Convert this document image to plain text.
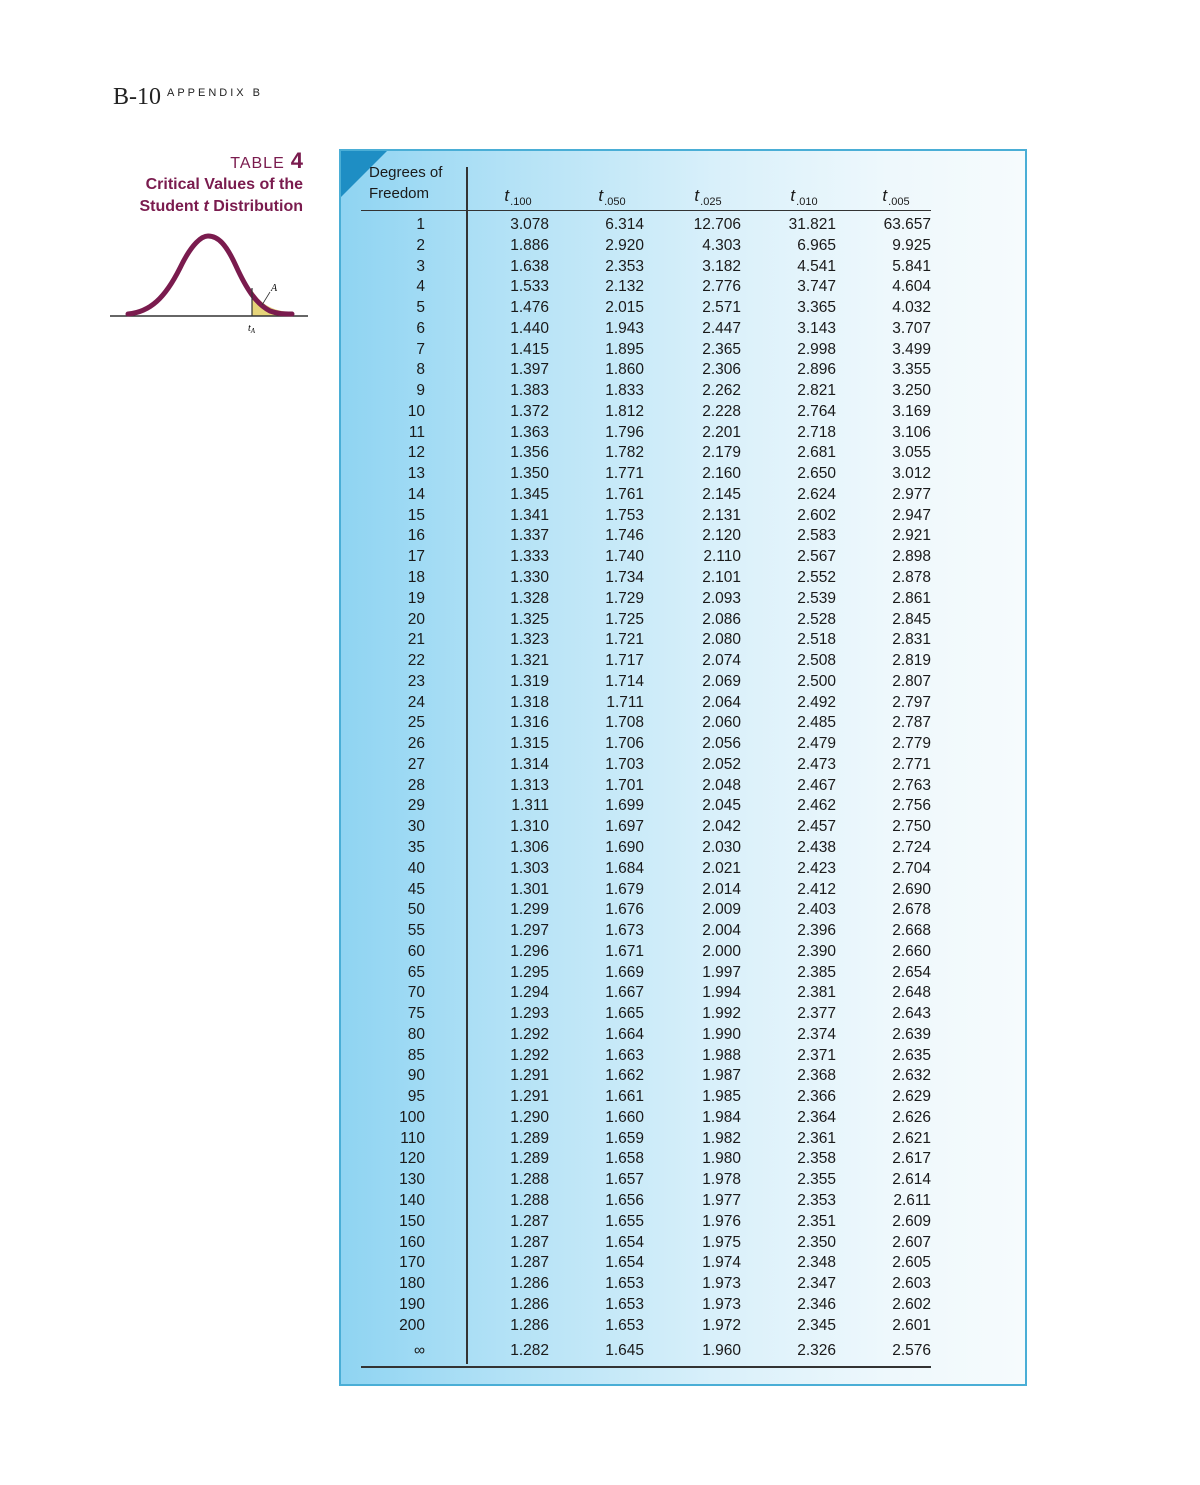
B-10 $^{APPENDIX B}$
TABLE 4
Critical Values of the
Student t Distribution
A
$t_A$
Degrees of
Freedom	$t_{.100}$	$t_{.050}$	$t_{.025}$	$t_{.010}$	$t_{.005}$
1	3.078	6.314	12.706	31.821	63.657
2	1.886	2.920	4.303	6.965	9.925
3	1.638	2.353	3.182	4.541	5.841
4	1.533	2.132	2.776	3.747	4.604
5	1.476	2.015	2.571	3.365	4.032
6	1.440	1.943	2.447	3.143	3.707
7	1.415	1.895	2.365	2.998	3.499
8	1.397	1.860	2.306	2.896	3.355
9	1.383	1.833	2.262	2.821	3.250
10	1.372	1.812	2.228	2.764	3.169
11	1.363	1.796	2.201	2.718	3.106
12	1.356	1.782	2.179	2.681	3.055
13	1.350	1.771	2.160	2.650	3.012
14	1.345	1.761	2.145	2.624	2.977
15	1.341	1.753	2.131	2.602	2.947
16	1.337	1.746	2.120	2.583	2.921
17	1.333	1.740	2.110	2.567	2.898
18	1.330	1.734	2.101	2.552	2.878
19	1.328	1.729	2.093	2.539	2.861
20	1.325	1.725	2.086	2.528	2.845
21	1.323	1.721	2.080	2.518	2.831
22	1.321	1.717	2.074	2.508	2.819
23	1.319	1.714	2.069	2.500	2.807
24	1.318	1.711	2.064	2.492	2.797
25	1.316	1.708	2.060	2.485	2.787
26	1.315	1.706	2.056	2.479	2.779
27	1.314	1.703	2.052	2.473	2.771
28	1.313	1.701	2.048	2.467	2.763
29	1.311	1.699	2.045	2.462	2.756
30	1.310	1.697	2.042	2.457	2.750
35	1.306	1.690	2.030	2.438	2.724
40	1.303	1.684	2.021	2.423	2.704
45	1.301	1.679	2.014	2.412	2.690
50	1.299	1.676	2.009	2.403	2.678
55	1.297	1.673	2.004	2.396	2.668
60	1.296	1.671	2.000	2.390	2.660
65	1.295	1.669	1.997	2.385	2.654
70	1.294	1.667	1.994	2.381	2.648
75	1.293	1.665	1.992	2.377	2.643
80	1.292	1.664	1.990	2.374	2.639
85	1.292	1.663	1.988	2.371	2.635
90	1.291	1.662	1.987	2.368	2.632
95	1.291	1.661	1.985	2.366	2.629
100	1.290	1.660	1.984	2.364	2.626
110	1.289	1.659	1.982	2.361	2.621
120	1.289	1.658	1.980	2.358	2.617
130	1.288	1.657	1.978	2.355	2.614
140	1.288	1.656	1.977	2.353	2.611
150	1.287	1.655	1.976	2.351	2.609
160	1.287	1.654	1.975	2.350	2.607
170	1.287	1.654	1.974	2.348	2.605
180	1.286	1.653	1.973	2.347	2.603
190	1.286	1.653	1.973	2.346	2.602
200	1.286	1.653	1.972	2.345	2.601
∞	1.282	1.645	1.960	2.326	2.576
